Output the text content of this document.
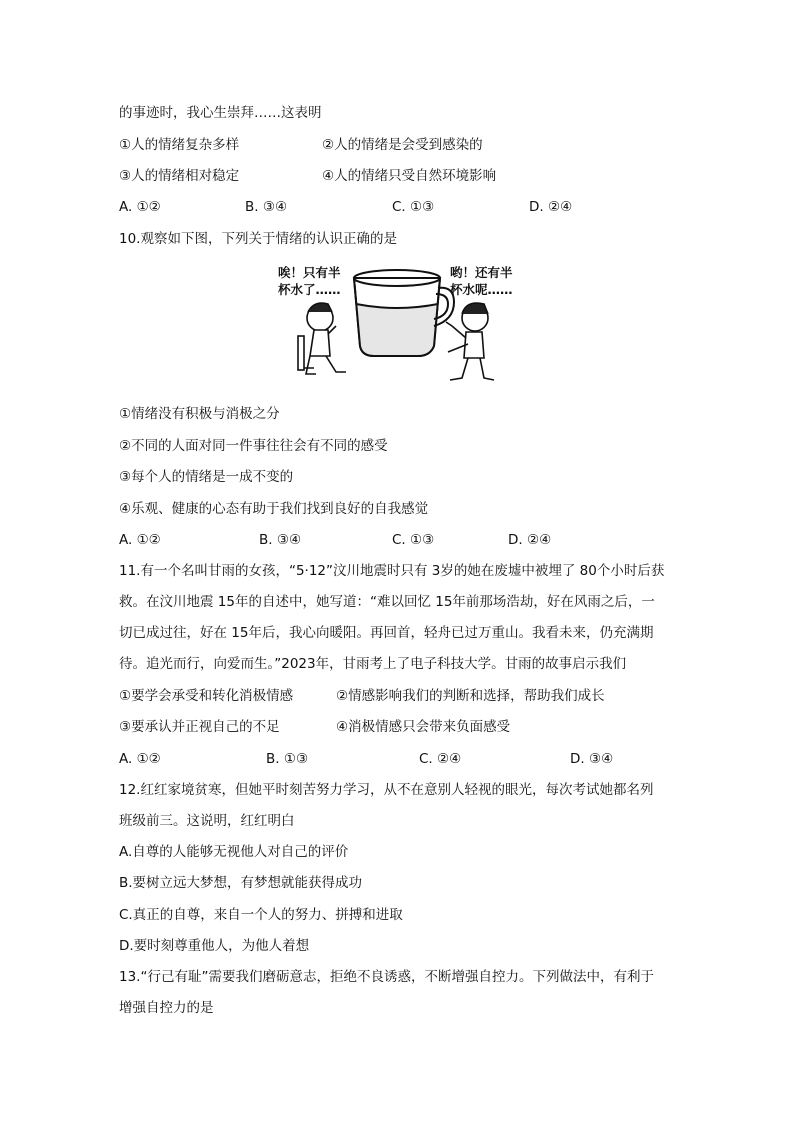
的事迹时，我心生崇拜……这表明
①人的情绪复杂多样	②人的情绪是会受到感染的
③人的情绪相对稳定	④人的情绪只受自然环境影响
A. ①②	B. ③④	C. ①③	D. ②④
10.观察如下图，下列关于情绪的认识正确的是
唉！只有半
杯水了……
哟！还有半
杯水呢……
①情绪没有积极与消极之分
②不同的人面对同一件事往往会有不同的感受
③每个人的情绪是一成不变的
④乐观、健康的心态有助于我们找到良好的自我感觉
A. ①②	B. ③④	C. ①③	D. ②④
11.有一个名叫甘雨的女孩，“5·12”汶川地震时只有 3岁的她在废墟中被埋了 80个小时后获
救。在汶川地震 15年的自述中，她写道：“难以回忆 15年前那场浩劫，好在风雨之后，一
切已成过往，好在 15年后，我心向暖阳。再回首，轻舟已过万重山。我看未来，仍充满期
待。追光而行，向爱而生。”2023年，甘雨考上了电子科技大学。甘雨的故事启示我们
①要学会承受和转化消极情感	②情感影响我们的判断和选择，帮助我们成长
③要承认并正视自己的不足	④消极情感只会带来负面感受
A. ①②	B. ①③	C. ②④	D. ③④
12.红红家境贫寒，但她平时刻苦努力学习，从不在意别人轻视的眼光，每次考试她都名列
班级前三。这说明，红红明白
A.自尊的人能够无视他人对自己的评价
B.要树立远大梦想，有梦想就能获得成功
C.真正的自尊，来自一个人的努力、拼搏和进取
D.要时刻尊重他人，为他人着想
13.“行己有耻”需要我们磨砺意志，拒绝不良诱惑，不断增强自控力。下列做法中，有利于
增强自控力的是
